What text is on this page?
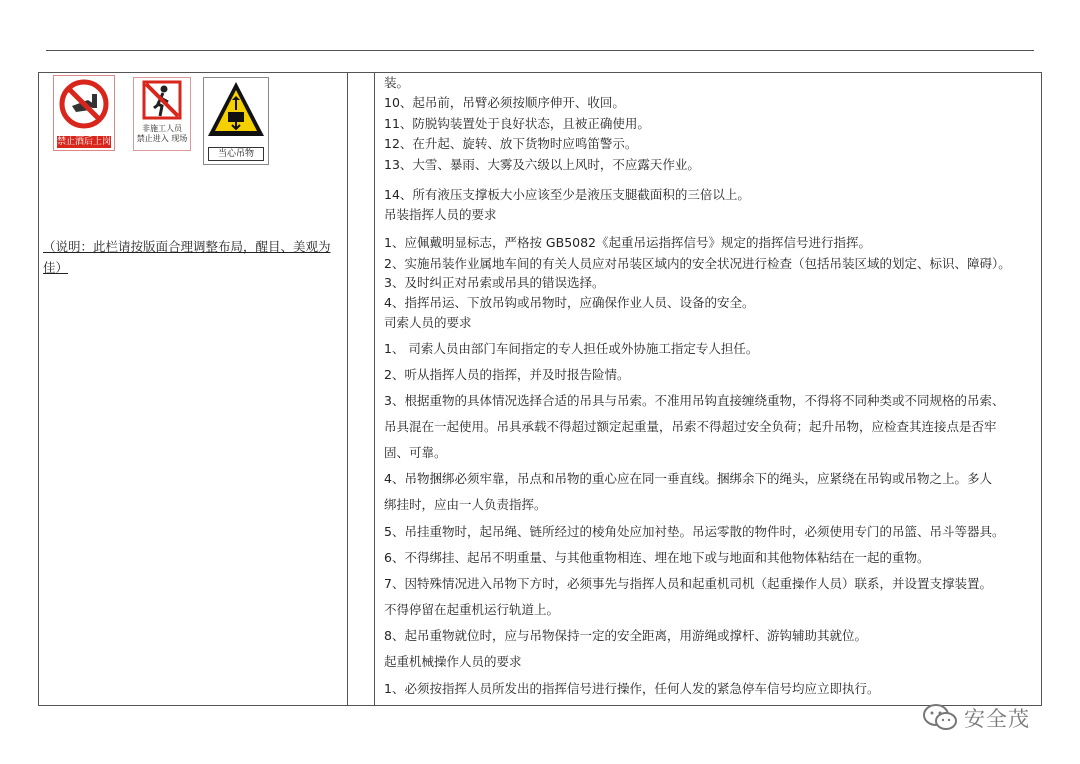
禁止酒后上岗
非施工人员
禁止进入 现场
当心吊物
（说明：此栏请按版面合理调整布局，醒目、美观为佳）
装。
10、起吊前，吊臂必须按顺序伸开、收回。
11、防脱钩装置处于良好状态，且被正确使用。
12、在升起、旋转、放下货物时应鸣笛警示。
13、大雪、暴雨、大雾及六级以上风时，不应露天作业。
14、所有液压支撑板大小应该至少是液压支腿截面积的三倍以上。
吊装指挥人员的要求
1、应佩戴明显标志，严格按 GB5082《起重吊运指挥信号》规定的指挥信号进行指挥。
2、实施吊装作业属地车间的有关人员应对吊装区域内的安全状况进行检查（包括吊装区域的划定、标识、障碍）。
3、及时纠正对吊索或吊具的错误选择。
4、指挥吊运、下放吊钩或吊物时，应确保作业人员、设备的安全。
司索人员的要求
1、 司索人员由部门车间指定的专人担任或外协施工指定专人担任。
2、听从指挥人员的指挥，并及时报告险情。
3、根据重物的具体情况选择合适的吊具与吊索。不准用吊钩直接缠绕重物，不得将不同种类或不同规格的吊索、
吊具混在一起使用。吊具承载不得超过额定起重量，吊索不得超过安全负荷；起升吊物，应检查其连接点是否牢
固、可靠。
4、吊物捆绑必须牢靠，吊点和吊物的重心应在同一垂直线。捆绑余下的绳头，应紧绕在吊钩或吊物之上。多人
绑挂时，应由一人负责指挥。
5、吊挂重物时，起吊绳、链所经过的棱角处应加衬垫。吊运零散的物件时，必须使用专门的吊篮、吊斗等器具。
6、不得绑挂、起吊不明重量、与其他重物相连、埋在地下或与地面和其他物体粘结在一起的重物。
7、因特殊情况进入吊物下方时，必须事先与指挥人员和起重机司机（起重操作人员）联系，并设置支撑装置。
不得停留在起重机运行轨道上。
8、起吊重物就位时，应与吊物保持一定的安全距离，用游绳或撑杆、游钩辅助其就位。
起重机械操作人员的要求
1、必须按指挥人员所发出的指挥信号进行操作，任何人发的紧急停车信号均应立即执行。
安全茂
